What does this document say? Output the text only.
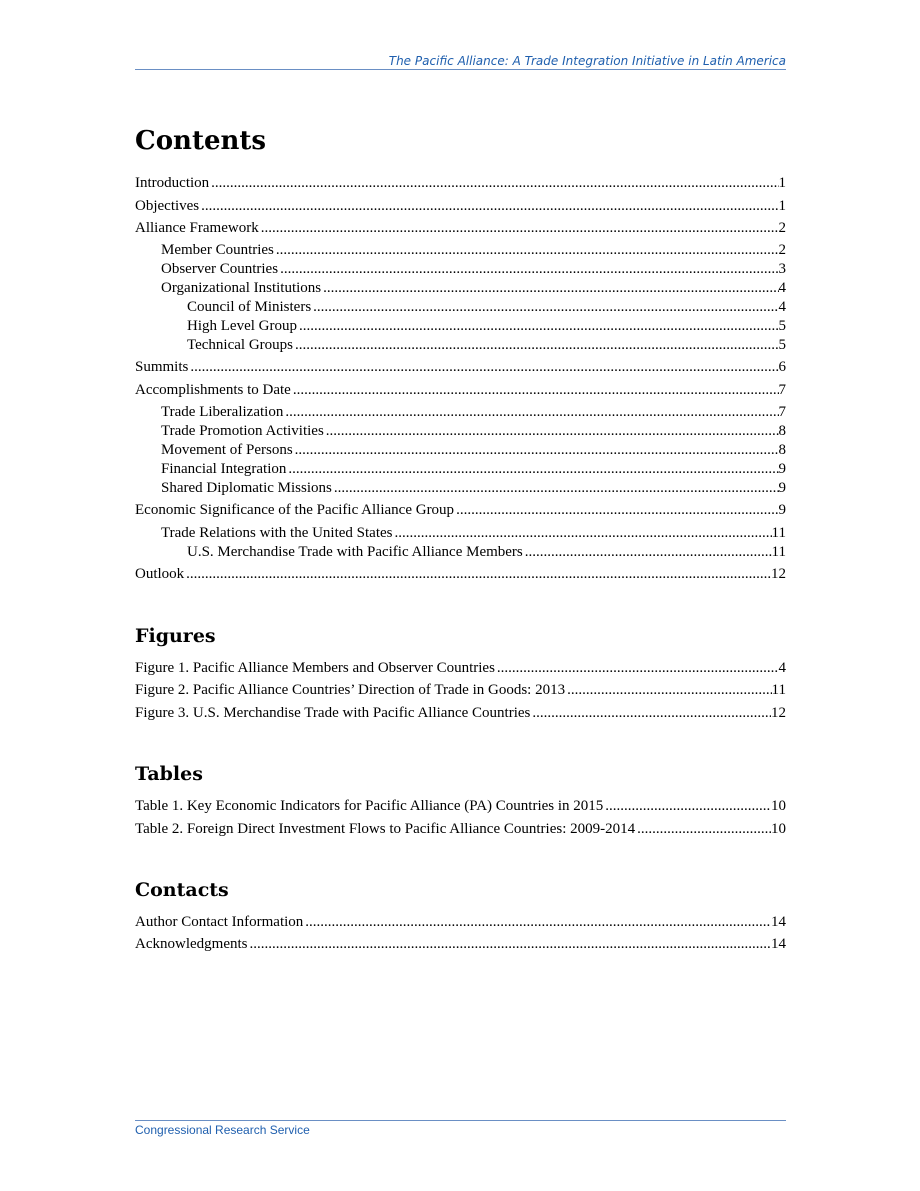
The Pacific Alliance: A Trade Integration Initiative in Latin America
Contents
Introduction .....	1
Objectives .....	1
Alliance Framework .....	2
Member Countries .....	2
Observer Countries .....	3
Organizational Institutions .....	4
Council of Ministers .....	4
High Level Group .....	5
Technical Groups .....	5
Summits .....	6
Accomplishments to Date .....	7
Trade Liberalization .....	7
Trade Promotion Activities .....	8
Movement of Persons .....	8
Financial Integration .....	9
Shared Diplomatic Missions .....	9
Economic Significance of the Pacific Alliance Group .....	9
Trade Relations with the United States .....	11
U.S. Merchandise Trade with Pacific Alliance Members .....	11
Outlook .....	12
Figures
Figure 1. Pacific Alliance Members and Observer Countries .....	4
Figure 2. Pacific Alliance Countries’ Direction of Trade in Goods: 2013 .....	11
Figure 3. U.S. Merchandise Trade with Pacific Alliance Countries .....	12
Tables
Table 1. Key Economic Indicators for Pacific Alliance (PA) Countries in 2015 .....	10
Table 2. Foreign Direct Investment Flows to Pacific Alliance Countries: 2009-2014 .....	10
Contacts
Author Contact Information .....	14
Acknowledgments .....	14
Congressional Research Service
